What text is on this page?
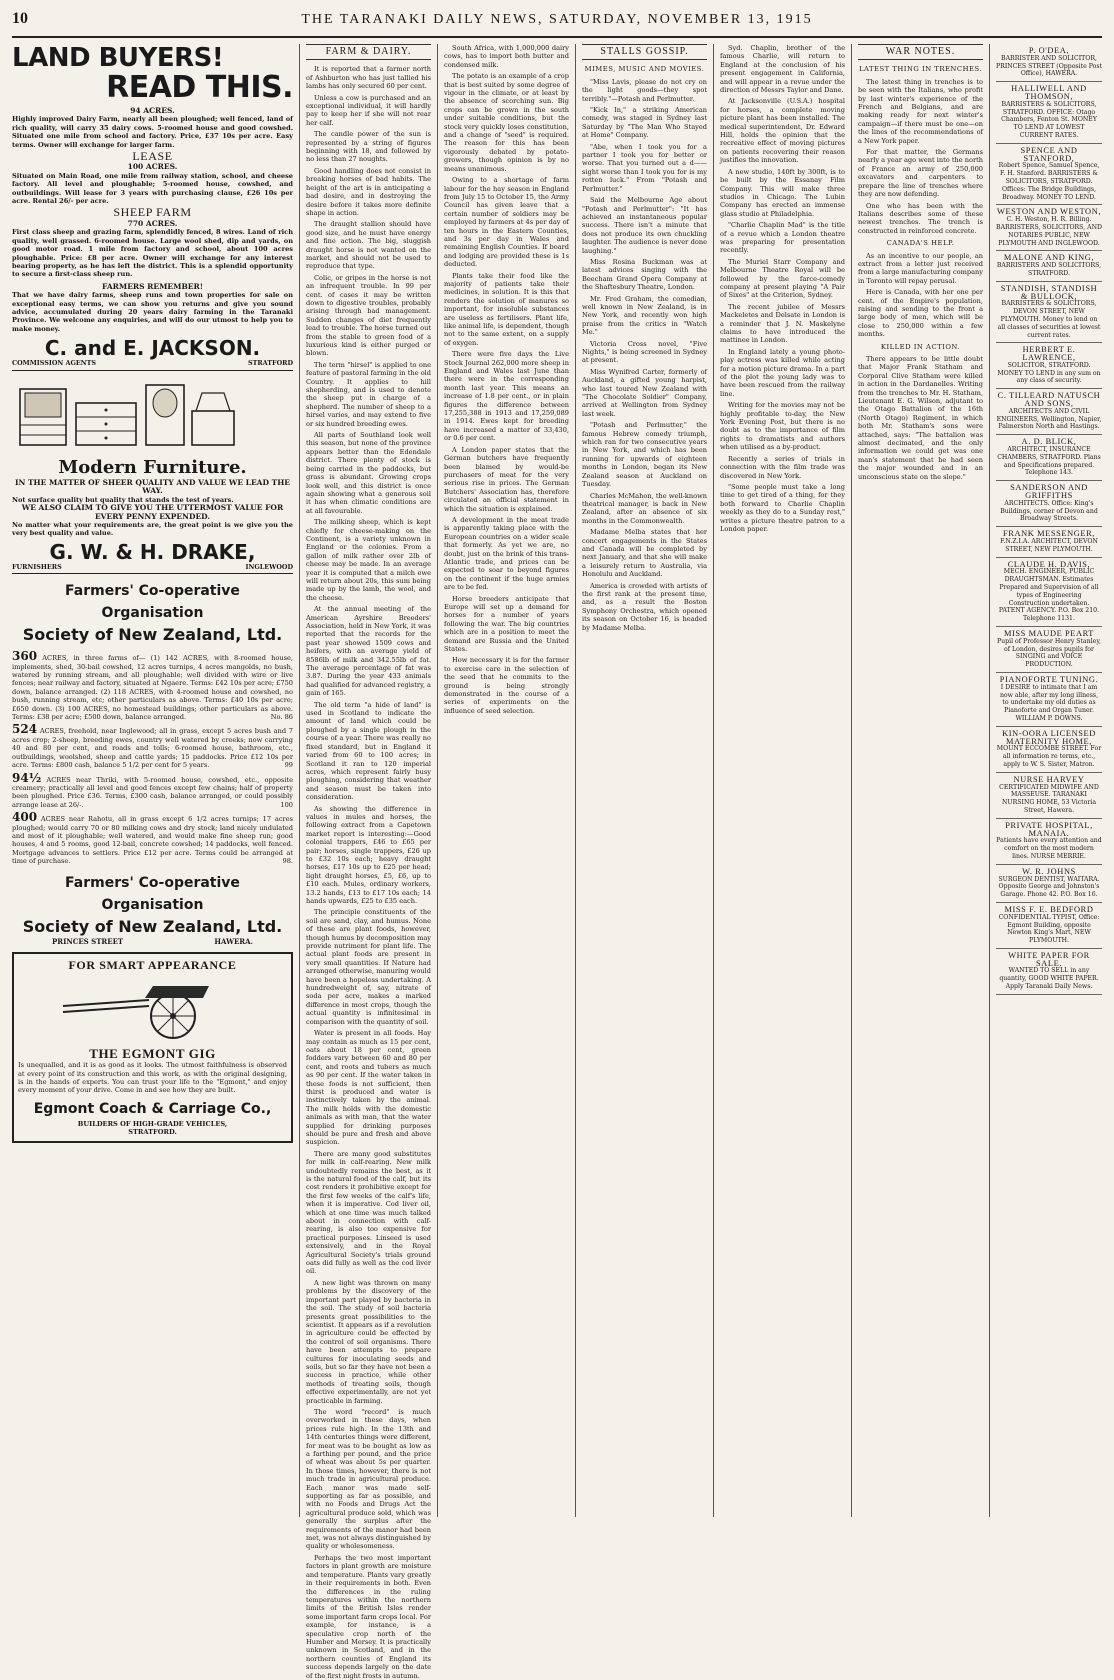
10	THE TARANAKI DAILY NEWS, SATURDAY, NOVEMBER 13, 1915
LAND BUYERS!
READ THIS.
94 ACRES.
Highly improved Dairy Farm, nearly all been ploughed; well fenced, land of rich quality, will carry 35 dairy cows. 5-roomed house and good cowshed. Situated one mile from school and factory. Price, £37 10s per acre. Easy terms. Owner will exchange for larger farm.
LEASE
100 ACRES.
Situated on Main Road, one mile from railway station, school, and cheese factory. All level and ploughable; 5-roomed house, cowshed, and outbuildings. Will lease for 3 years with purchasing clause, £26 10s per acre. Rental 26/- per acre.
SHEEP FARM
770 ACRES.
First class sheep and grazing farm, splendidly fenced, 8 wires. Land of rich quality, well grassed. 6-roomed house. Large wool shed, dip and yards, on good motor road. 1 mile from factory and school, about 100 acres ploughable. Price: £8 per acre. Owner will exchange for any interest bearing property, as he has left the district. This is a splendid opportunity to secure a first-class sheep run.
FARMERS REMEMBER!
That we have dairy farms, sheep runs and town properties for sale on exceptional easy terms, we can show you returns and give you sound advice, accumulated during 20 years dairy farming in the Taranaki Province. We welcome any enquiries, and will do our utmost to help you to make money.
C. and E. JACKSON.
COMMISSION AGENTS	STRATFORD
Modern Furniture.
IN THE MATTER OF SHEER QUALITY AND VALUE WE LEAD THE WAY.
Not surface quality but quality that stands the test of years.
WE ALSO CLAIM TO GIVE YOU THE UTTERMOST VALUE FOR EVERY PENNY EXPENDED.
No matter what your requirements are, the great point is we give you the very best quality and value.
G. W. & H. DRAKE,
FURNISHERS	INGLEWOOD
Farmers' Co-operative Organisation
Society of New Zealand, Ltd.
360 ACRES, in three farms of— (1) 142 ACRES, with 8-roomed house, implements, shed, 30-bail cowshed, 12 acres turnips, 4 acres mangolds, no bush, watered by running stream, and all ploughable; well divided with wire or live fences; near railway and factory, situated at Ngaere. Terms: £42 10s per acre; £750 down, balance arranged. (2) 118 ACRES, with 4-roomed house and cowshed, no bush, running stream, etc; other particulars as above. Terms: £40 10s per acre; £650 down. (3) 100 ACRES, no homestead buildings; other particulars as above. Terms: £38 per acre; £500 down, balance arranged.	No. 86
524 ACRES, freehold, near Inglewood; all in grass, except 5 acres bush and 7 acres crop; 2-sheep, breeding ewes, country well watered by creeks; now carrying 40 and 80 per cent, and roads and tolls; 6-roomed house, bathroom, etc., outbuildings, woolshed, sheep and cattle yards; 15 paddocks. Price £12 10s per acre. Terms: £800 cash, balance 5 1/2 per cent for 5 years.	99
94½ ACRES near Thriki, with 5-roomed house, cowshed, etc., opposite creamery; practically all level and good fences except few chains; half of property been ploughed. Price £36. Terms, £300 cash, balance arranged, or could possibly arrange lease at 26/-.	100
400 ACRES near Rahotu, all in grass except 6 1/2 acres turnips; 17 acres ploughed; would carry 70 or 80 milking cows and dry stock; land nicely undulated and most of it ploughable; well watered, and would make fine sheep run; good houses, 4 and 5 rooms, good 12-bail, concrete cowshed; 14 paddocks, well fenced. Mortgage advances to settlers. Price £12 per acre. Terms could be arranged at time of purchase.	98.
Farmers' Co-operative Organisation
Society of New Zealand, Ltd.
PRINCES STREET	HAWERA.
FOR SMART APPEARANCE
THE EGMONT GIG
Is unequalled, and it is as good as it looks. The utmost faithfulness is observed at every point of its construction and this work, as with the original designing, is in the hands of experts. You can trust your life to the "Egmont," and enjoy every moment of your drive. Come in and see how they are built.
Egmont Coach & Carriage Co.,
BUILDERS OF HIGH-GRADE VEHICLES,
STRATFORD.
FARM & DAIRY.
It is reported that a farmer north of Ashburton who has just tallied his lambs has only secured 60 per cent.
Unless a cow is purchased and an exceptional individual, it will hardly pay to keep her if she will not rear her calf.
The candle power of the sun is represented by a string of figures beginning with 18, and followed by no less than 27 noughts.
Good handling does not consist in breaking horses of bad habits. The height of the art is in anticipating a bad desire, and in destroying the desire before it takes more definite shape in action.
The draught stallion should have good size, and he must have energy and fine action. The big, sluggish draught horse is not wanted on the market, and should not be used to reproduce that type.
Colic, or gripes in the horse is not an infrequent trouble. In 99 per cent. of cases it may be written down to digestive troubles, probably arising through bad management. Sudden changes of diet frequently lead to trouble. The horse turned out from the stable to green food of a luxurious kind is either purged or blown.
The term "hirsel" is applied to one feature of pastoral farming in the old Country. It applies to hill shepherding, and is used to denote the sheep put in charge of a shepherd. The number of sheep to a hirsel varies, and may extend to five or six hundred breeding ewes.
All parts of Southland look well this season, but none of the province appears better than the Edendale district. There plenty of stock is being carried in the paddocks, but grass is abundant. Growing crops look well, and this district is once again showing what a generous soil it has when climatic conditions are at all favourable.
The milking sheep, which is kept chiefly for cheese-making on the Continent, is a variety unknown in England or the colonies. From a gallon of milk rather over 2lb of cheese may be made. In an average year it is computed that a milch ewe will return about 20s, this sum being made up by the lamb, the wool, and the cheese.
At the annual meeting of the American Ayrshire Breeders' Association, held in New York, it was reported that the records for the past year showed 1509 cows and heifers, with an average yield of 8586lb of milk and 342.55lb of fat. The average percentage of fat was 3.87. During the year 433 animals had qualified for advanced registry, a gain of 165.
The old term "a hide of land" is used in Scotland to indicate the amount of land which could be ploughed by a single plough in the course of a year. There was really no fixed standard, but in England it varied from 60 to 100 acres; in Scotland it ran to 120 imperial acres, which represent fairly busy ploughing, considering that weather and season must be taken into consideration.
As showing the difference in values in mules and horses, the following extract from a Capetown market report is interesting:—Good colonial trappers, £46 to £65 per pair; horses, single trappers, £26 up to £32 10s each; heavy draught horses, £17 10s up to £25 per head; light draught horses, £5, £6, up to £10 each. Mules, ordinary workers, 13.2 hands, £13 to £17 10s each; 14 hands upwards, £25 to £35 each.
The principle constituents of the soil are sand, clay, and humus. None of these are plant foods, however, though humus by decomposition may provide nutriment for plant life. The actual plant foods are present in very small quantities. If Nature had arranged otherwise, manuring would have been a hopeless undertaking. A hundredweight of, say, nitrate of soda per acre, makes a marked difference in most crops, though the actual quantity is infinitesimal in comparison with the quantity of soil.
Water is present in all foods. Hay may contain as much as 15 per cent, oats about 18 per cent, green fodders vary between 60 and 80 per cent, and roots and tubers as much as 90 per cent. If the water taken in these foods is not sufficient, then thirst is produced and water is instinctively taken by the animal. The milk holds with the domestic animals as with man, that the water supplied for drinking purposes should be pure and fresh and above suspicion.
There are many good substitutes for milk in calf-rearing. New milk undoubtedly remains the best, as it is the natural food of the calf, but its cost renders it prohibitive except for the first few weeks of the calf's life, when it is imperative. Cod liver oil, which at one time was much talked about in connection with calf-rearing, is also too expensive for practical purposes. Linseed is used extensively, and in the Royal Agricultural Society's trials ground oats did fully as well as the cod liver oil.
A new light was thrown on many problems by the discovery of the important part played by bacteria in the soil. The study of soil bacteria presents great possibilities to the scientist. It appears as if a revolution in agriculture could be effected by the control of soil organisms. There have been attempts to prepare cultures for inoculating seeds and soils, but so far they have not been a success in practice, while other methods of treating soils, though effective experimentally, are not yet practicable in farming.
The word "record" is much overworked in these days, when prices rule high. In the 13th and 14th centuries things were different, for meat was to be bought as low as a farthing per pound, and the price of wheat was about 5s per quarter. In those times, however, there is not much trade in agricultural produce. Each manor was made self-supporting as far as possible, and with no Foods and Drugs Act the agricultural produce sold, which was generally the surplus after the requirements of the manor had been met, was not always distinguished by quality or wholesomeness.
Perhaps the two most important factors in plant growth are moisture and temperature. Plants vary greatly in their requirements in both. Even the differences in the ruling temperatures within the northern limits of the British Isles render some important farm crops local. For example, for instance, is a speculative crop north of the Humber and Mersey. It is practically unknown in Scotland, and in the northern counties of England its success depends largely on the date of the first night frosts in autumn.
South Africa, with 1,000,000 dairy cows, has to import both butter and condensed milk.
The potato is an example of a crop that is best suited by some degree of vigour in the climate, or at least by the absence of scorching sun. Big crops can be grown in the south under suitable conditions, but the stock very quickly loses constitution, and a change of "seed" is required. The reason for this has been vigorously debated by potato-growers, though opinion is by no means unanimous.
Owing to a shortage of farm labour for the hay season in England from July 15 to October 15, the Army Council has given leave that a certain number of soldiers may be employed by farmers at 4s per day of ten hours in the Eastern Counties, and 3s per day in Wales and remaining English Counties. If board and lodging are provided these is 1s deducted.
Plants take their food like the majority of patients take their medicines, in solution. It is this that renders the solution of manures so important, for insoluble substances are useless as fertilisers. Plant life, like animal life, is dependent, though not to the same extent, on a supply of oxygen.
There were five days the Live Stock Journal 262,000 more sheep in England and Wales last June than there were in the corresponding month last year. This means an increase of 1.8 per cent., or in plain figures the difference between 17,255,388 in 1913 and 17,259,089 in 1914. Ewes kept for breeding have increased a matter of 33,430, or 0.6 per cent.
A London paper states that the German butchers have frequently been blamed by would-be purchasers of meat for the very serious rise in prices. The German Butchers' Association has, therefore circulated an official statement in which the situation is explained.
A development in the meat trade is apparently taking place with the European countries on a wider scale that formerly. As yet we are, no doubt, just on the brink of this trans-Atlantic trade, and prices can be expected to soar to beyond figures on the continent if the huge armies are to be fed.
Horse breeders anticipate that Europe will set up a demand for horses for a number of years following the war. The big countries which are in a position to meet the demand are Russia and the United States.
How necessary it is for the farmer to exercise care in the selection of the seed that he commits to the ground is being strongly demonstrated in the course of a series of experiments on the influence of seed selection.
STALLS GOSSIP.
MIMES, MUSIC AND MOVIES.
"Miss Lavis, please do not cry on the light goods—they spot terribly."—Potash and Perlmutter.
"Kick In," a striking American comedy, was staged in Sydney last Saturday by "The Man Who Stayed at Home" Company.
"Abe, when I took you for a partner I took you for better or worse. That you turned out a d—— sight worse than I took you for is my rotten luck." From "Potash and Perlmutter."
Said the Melbourne Age about "Potash and Perlmutter": "It has achieved an instantaneous popular success. There isn't a minute that does not produce its own chuckling laughter. The audience is never done laughing."
Miss Rosina Buckman was at latest advices singing with the Beecham Grand Opera Company at the Shaftesbury Theatre, London.
Mr. Fred Graham, the comedian, well known in New Zealand, is in New York, and recently won high praise from the critics in "Watch Me."
Victoria Cross novel, "Five Nights," is being screened in Sydney at present.
Miss Wynifred Carter, formerly of Auckland, a gifted young harpist, who last toured New Zealand with "The Chocolate Soldier" Company, arrived at Wellington from Sydney last week.
"Potash and Perlmutter," the famous Hebrew comedy triumph, which ran for two consecutive years in New York, and which has been running for upwards of eighteen months in London, began its New Zealand season at Auckland on Tuesday.
Charles McMahon, the well-known theatrical manager, is back in New Zealand, after an absence of six months in the Commonwealth.
Madame Melba states that her concert engagements in the States and Canada will be completed by next January, and that she will make a leisurely return to Australia, via Honolulu and Auckland.
America is crowded with artists of the first rank at the present time, and, as a result the Boston Symphony Orchestra, which opened its season on October 16, is headed by Madame Melba.
Syd. Chaplin, brother of the famous Charlie, will return to England at the conclusion of his present engagement in California, and will appear in a revue under the direction of Messrs Taylor and Dane.
At Jacksonville (U.S.A.) hospital for horses, a complete moving picture plant has been installed. The medical superintendent, Dr. Edward Hill, holds the opinion that the recreative effect of moving pictures on patients recovering their reason justifies the innovation.
A new studio, 140ft by 300ft, is to be built by the Essanay Film Company. This will make three studios in Chicago. The Lubin Company has erected an immense glass studio at Philadelphia.
"Charlie Chaplin Mad" is the title of a revue which a London theatre was preparing for presentation recently.
The Muriel Starr Company and Melbourne Theatre Royal will be followed by the farce-comedy company at present playing "A Pair of Sixes" at the Criterion, Sydney.
The recent jubilee of Messrs Mackeletes and Delsate in London is a reminder that J. N. Maskelyne claims to have introduced the mattinee in London.
In England lately a young photo-play actress was killed while acting for a motion picture drama. In a part of the plot the young lady was to have been rescued from the railway line.
Writing for the movies may not be highly profitable to-day, the New York Evening Post, but there is no doubt as to the importance of film rights to dramatists and authors when utilised as a by-product.
Recently a series of trials in connection with the film trade was discovered in New York.
"Some people must take a long time to get tired of a thing, for they both forward to Charlie Chaplin weekly as they do to a Sunday rest," writes a picture theatre patron to a London paper.
WAR NOTES.
LATEST THING IN TRENCHES.
The latest thing in trenches is to be seen with the Italians, who profit by last winter's experience of the French and Belgians, and are making ready for next winter's campaign—if there must be one—on the lines of the recommendations of a New York paper.
For that matter, the Germans nearly a year ago went into the north of France an army of 250,000 excavators and carpenters to prepare the line of trenches where they are now defending.
One who has been with the Italians describes some of these newest trenches. The trench is constructed in reinforced concrete.
CANADA'S HELP.
As an incentive to our people, an extract from a letter just received from a large manufacturing company in Toronto will repay perusal.
Here is Canada, with her one per cent. of the Empire's population, raising and sending to the front a large body of men, which will be close to 250,000 within a few months.
KILLED IN ACTION.
There appears to be little doubt that Major Frank Statham and Corporal Clive Statham were killed in action in the Dardanelles. Writing from the trenches to Mr. H. Statham, Lieutenant E. G. Wilson, adjutant to the Otago Battalion of the 16th (North Otago) Regiment, in which both Mr. Statham's sons were attached, says: "The battalion was almost decimated, and the only information we could get was one man's statement that he had seen the major wounded and in an unconscious state on the slope."
P. O'DEA,
BARRISTER AND SOLICITOR, PRINCES STREET (Opposite Post Office), HAWERA.
HALLIWELL AND THOMSON,
BARRISTERS & SOLICITORS, STRATFORD. OFFICE: Otago Chambers, Fenton St. MONEY TO LEND AT LOWEST CURRENT RATES.
SPENCE AND STANFORD,
Robert Spence, Samuel Spence, F. H. Stanford. BARRISTERS & SOLICITORS, STRATFORD. Offices: The Bridge Buildings, Broadway. MONEY TO LEND.
WESTON AND WESTON,
C. H. Weston, H. R. Billing. BARRISTERS, SOLICITORS, AND NOTARIES PUBLIC, NEW PLYMOUTH AND INGLEWOOD.
MALONE AND KING,
BARRISTERS AND SOLICITORS, STRATFORD.
STANDISH, STANDISH & BULLOCK,
BARRISTERS & SOLICITORS, DEVON STREET, NEW PLYMOUTH. Money to lend on all classes of securities at lowest current rates.
HERBERT E. LAWRENCE,
SOLICITOR, STRATFORD. MONEY TO LEND in any sum on any class of security.
C. TILLEARD NATUSCH AND SONS,
ARCHITECTS AND CIVIL ENGINEERS, Wellington, Napier, Palmerston North and Hastings.
A. D. BLICK,
ARCHITECT, INSURANCE CHAMBERS, STRATFORD. Plans and Specifications prepared. Telephone 143.
SANDERSON AND GRIFFITHS
ARCHITECTS. Office: King's Buildings, corner of Devon and Broadway Streets.
FRANK MESSENGER,
F.N.Z.I.A. ARCHITECT, DEVON STREET, NEW PLYMOUTH.
CLAUDE H. DAVIS,
MECH. ENGINEER, PUBLIC DRAUGHTSMAN. Estimates Prepared and Supervision of all types of Engineering Construction undertaken. PATENT AGENCY. P.O. Box 210. Telephone 1131.
MISS MAUDE PEART
Pupil of Professor Henry Stanley, of London, desires pupils for SINGING and VOICE PRODUCTION.
PIANOFORTE TUNING.
I DESIRE to intimate that I am now able, after my long illness, to undertake my old duties as Pianoforte and Organ Tuner. WILLIAM P. DOWNS.
KIN-OORA LICENSED MATERNITY HOME,
MOUNT ECCOMBE STREET. For all information re terms, etc., apply to W. S. Sister, Matron.
NURSE HARVEY
CERTIFICATED MIDWIFE AND MASSEUSE. TARANAKI NURSING HOME, 53 Victoria Street, Hawera.
PRIVATE HOSPITAL, MANAIA.
Patients have every attention and comfort on the most modern lines. NURSE MERRIE.
W. R. JOHNS
SURGEON DENTIST, WAITARA. Opposite George and Johnston's Garage. Phone 42. P.O. Box 16.
MISS F. E. BEDFORD
CONFIDENTIAL TYPIST, Office: Egmont Building, opposite Newton King's Mart, NEW PLYMOUTH.
WHITE PAPER FOR SALE.
WANTED TO SELL in any quantity, GOOD WHITE PAPER. Apply Taranaki Daily News.
